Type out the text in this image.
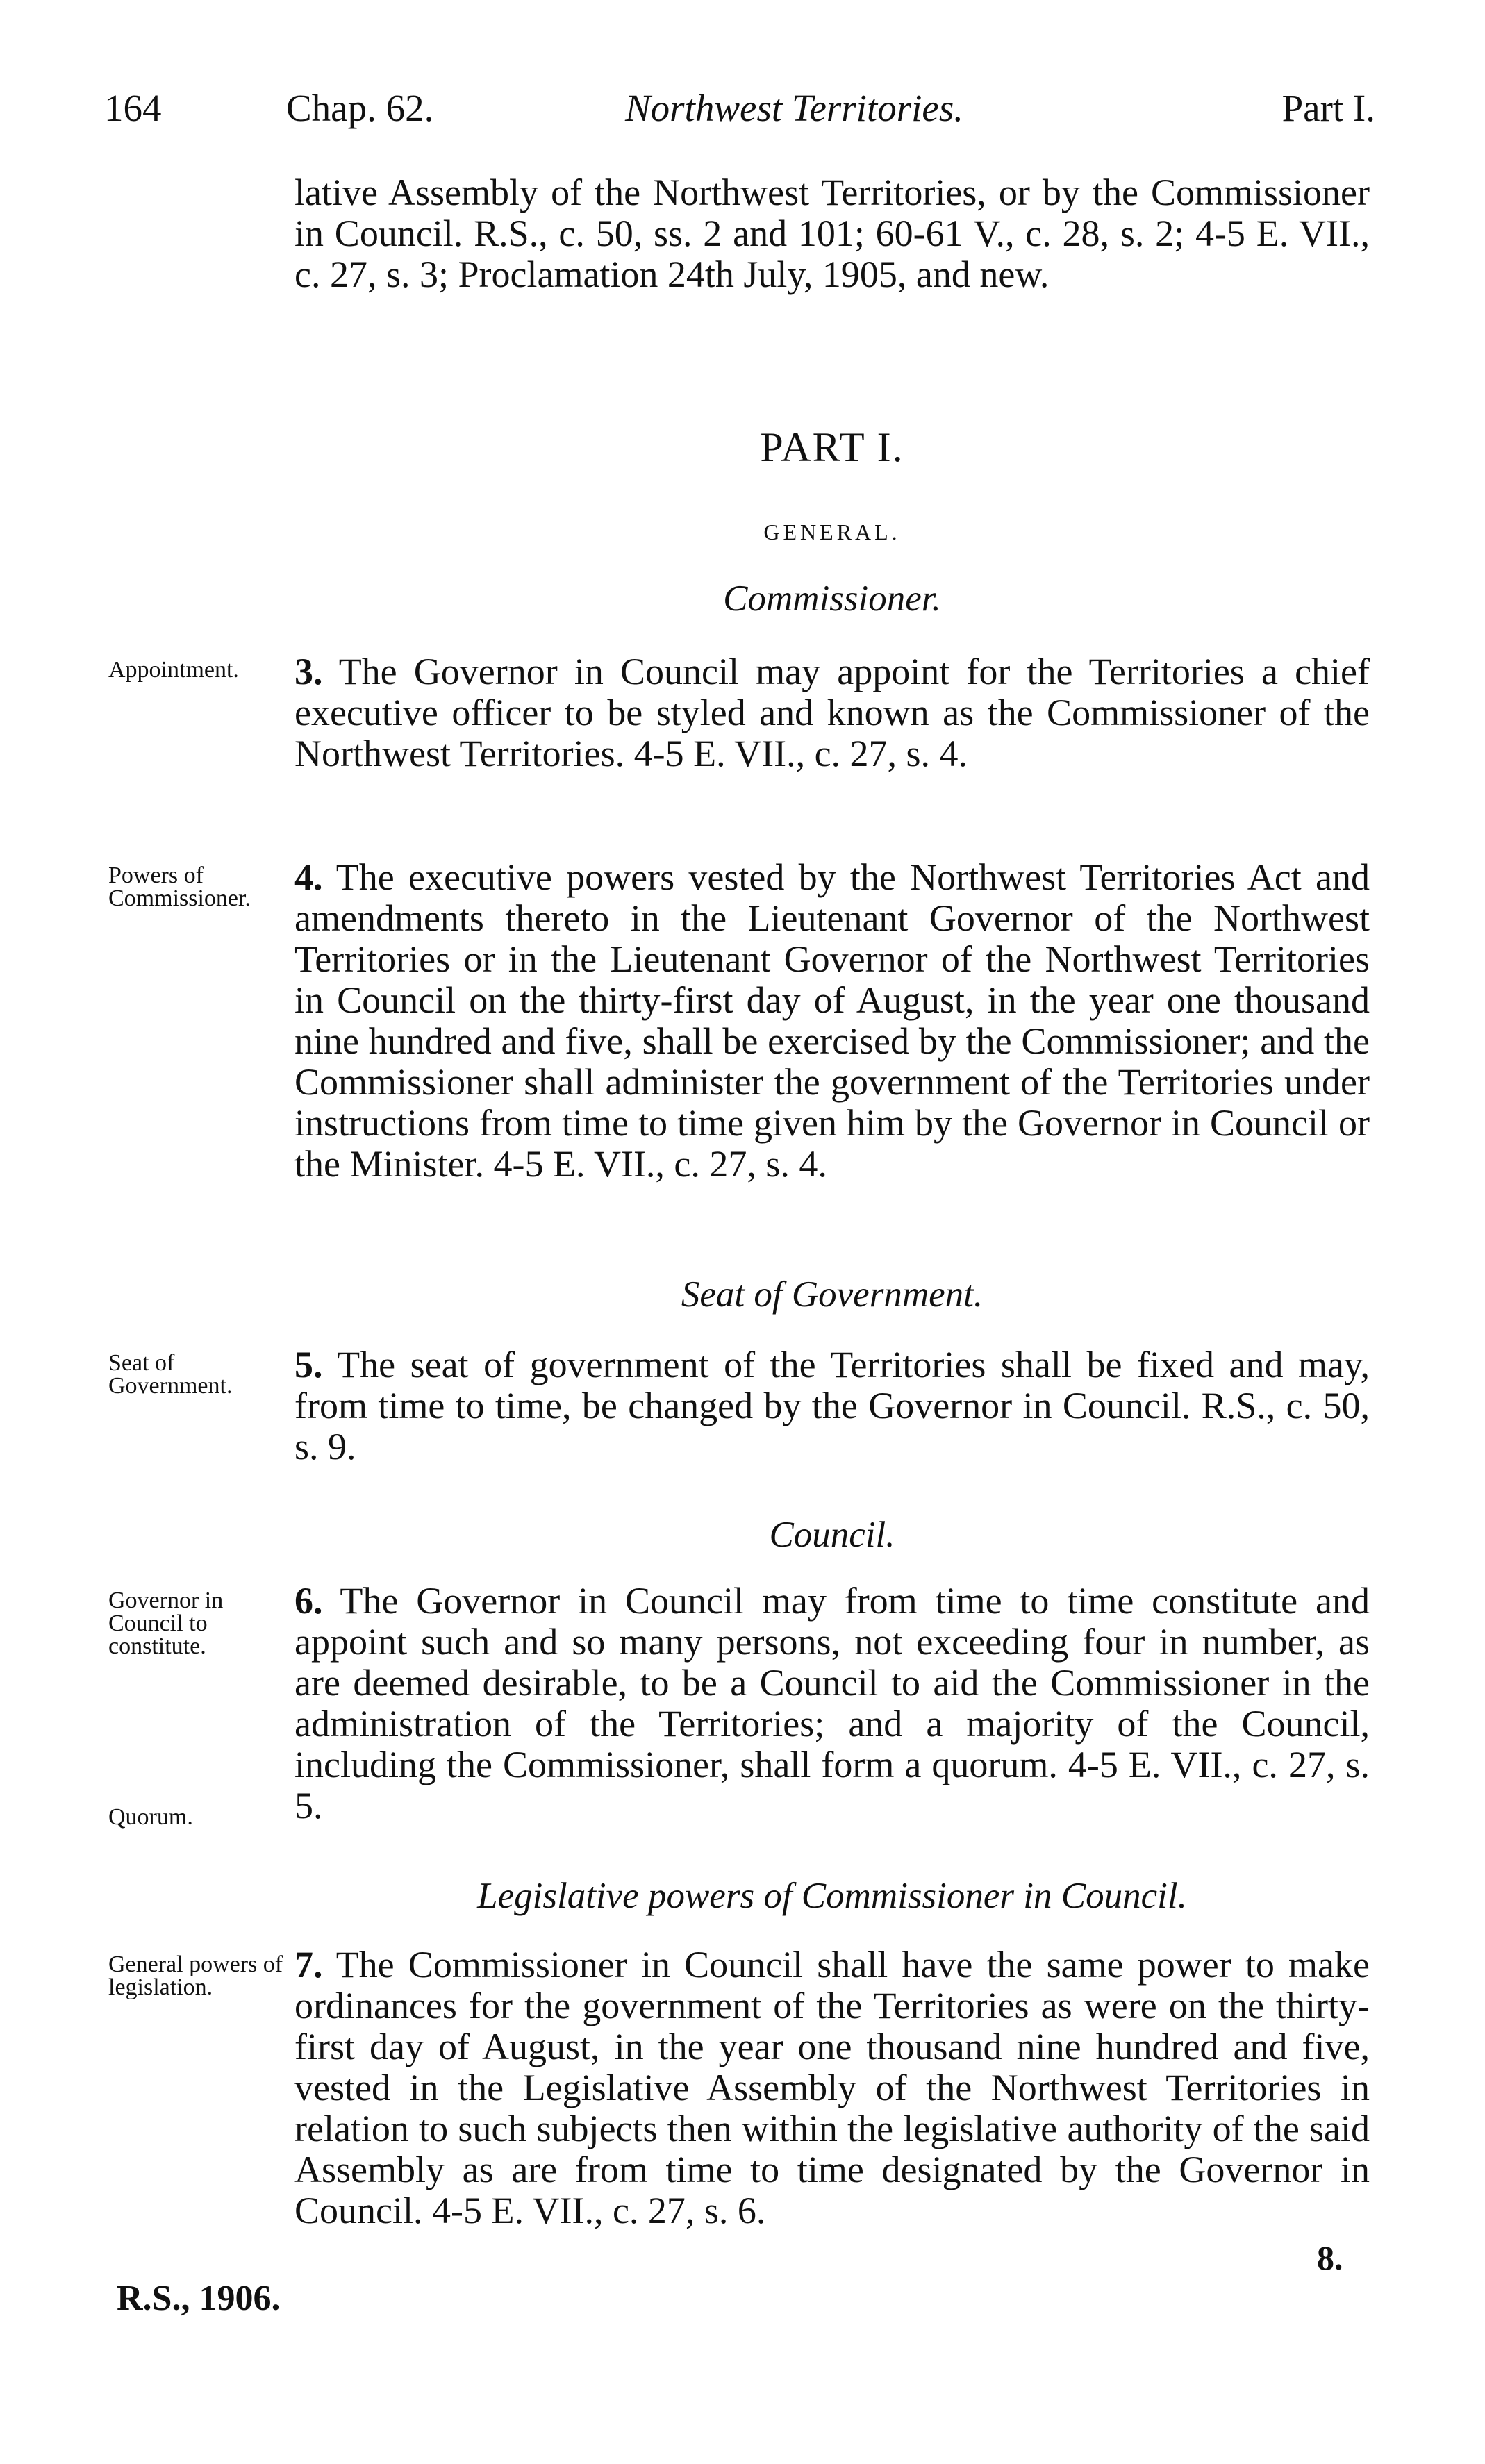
164	Chap. 62.	Northwest Territories.	Part I.
lative Assembly of the Northwest Territories, or by the Commissioner in Council. R.S., c. 50, ss. 2 and 101; 60-61 V., c. 28, s. 2; 4-5 E. VII., c. 27, s. 3; Proclamation 24th July, 1905, and new.
PART I.
GENERAL.
Commissioner.
Appointment.	3. The Governor in Council may appoint for the Territories a chief executive officer to be styled and known as the Commissioner of the Northwest Territories. 4-5 E. VII., c. 27, s. 4.
Powers of Commissioner.
4. The executive powers vested by the Northwest Territories Act and amendments thereto in the Lieutenant Governor of the Northwest Territories or in the Lieutenant Governor of the Northwest Territories in Council on the thirty-first day of August, in the year one thousand nine hundred and five, shall be exercised by the Commissioner; and the Commissioner shall administer the government of the Territories under instructions from time to time given him by the Governor in Council or the Minister. 4-5 E. VII., c. 27, s. 4.
Seat of Government.
Seat of Government.
5. The seat of government of the Territories shall be fixed and may, from time to time, be changed by the Governor in Council. R.S., c. 50, s. 9.
Council.
Governor in Council to constitute.
Quorum.
6. The Governor in Council may from time to time constitute and appoint such and so many persons, not exceeding four in number, as are deemed desirable, to be a Council to aid the Commissioner in the administration of the Territories; and a majority of the Council, including the Commissioner, shall form a quorum. 4-5 E. VII., c. 27, s. 5.
Legislative powers of Commissioner in Council.
General powers of legislation.
7. The Commissioner in Council shall have the same power to make ordinances for the government of the Territories as were on the thirty-first day of August, in the year one thousand nine hundred and five, vested in the Legislative Assembly of the Northwest Territories in relation to such subjects then within the legislative authority of the said Assembly as are from time to time designated by the Governor in Council. 4-5 E. VII., c. 27, s. 6.
8.
R.S., 1906.
